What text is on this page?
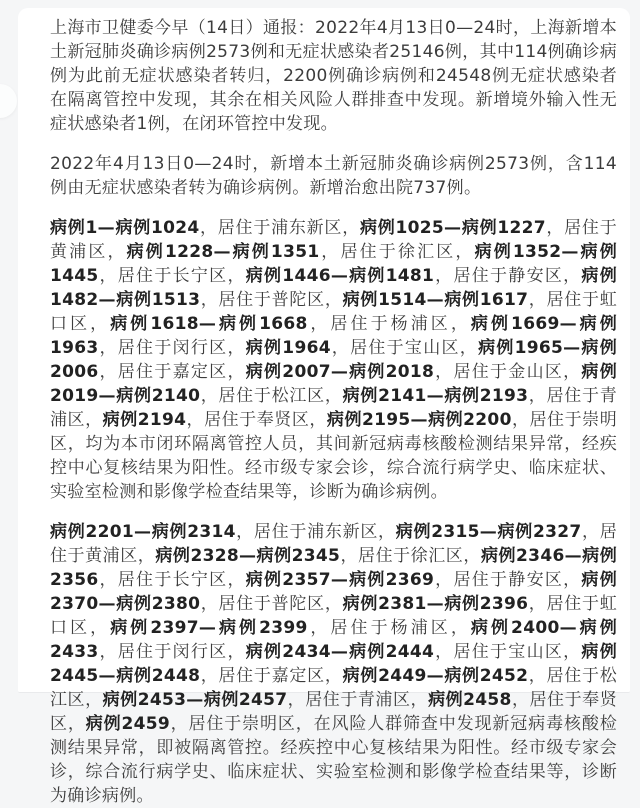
上海市卫健委今早（14日）通报：2022年4月13日0—24时，上海新增本土新冠肺炎确诊病例2573例和无症状感染者25146例，其中114例确诊病例为此前无症状感染者转归，2200例确诊病例和24548例无症状感染者在隔离管控中发现，其余在相关风险人群排查中发现。新增境外输入性无症状感染者1例，在闭环管控中发现。

2022年4月13日0—24时，新增本土新冠肺炎确诊病例2573例，含114例由无症状感染者转为确诊病例。新增治愈出院737例。

病例1—病例1024，居住于浦东新区，病例1025—病例1227，居住于黄浦区，病例1228—病例1351，居住于徐汇区，病例1352—病例1445，居住于长宁区，病例1446—病例1481，居住于静安区，病例1482—病例1513，居住于普陀区，病例1514—病例1617，居住于虹口区，病例1618—病例1668，居住于杨浦区，病例1669—病例1963，居住于闵行区，病例1964，居住于宝山区，病例1965—病例2006，居住于嘉定区，病例2007—病例2018，居住于金山区，病例2019—病例2140，居住于松江区，病例2141—病例2193，居住于青浦区，病例2194，居住于奉贤区，病例2195—病例2200，居住于崇明区，均为本市闭环隔离管控人员，其间新冠病毒核酸检测结果异常，经疾控中心复核结果为阳性。经市级专家会诊，综合流行病学史、临床症状、实验室检测和影像学检查结果等，诊断为确诊病例。

病例2201—病例2314，居住于浦东新区，病例2315—病例2327，居住于黄浦区，病例2328—病例2345，居住于徐汇区，病例2346—病例2356，居住于长宁区，病例2357—病例2369，居住于静安区，病例2370—病例2380，居住于普陀区，病例2381—病例2396，居住于虹口区，病例2397—病例2399，居住于杨浦区，病例2400—病例2433，居住于闵行区，病例2434—病例2444，居住于宝山区，病例2445—病例2448，居住于嘉定区，病例2449—病例2452，居住于松江区，病例2453—病例2457，居住于青浦区，病例2458，居住于奉贤区，病例2459，居住于崇明区，在风险人群筛查中发现新冠病毒核酸检测结果异常，即被隔离管控。经疾控中心复核结果为阳性。经市级专家会诊，综合流行病学史、临床症状、实验室检测和影像学检查结果等，诊断为确诊病例。
